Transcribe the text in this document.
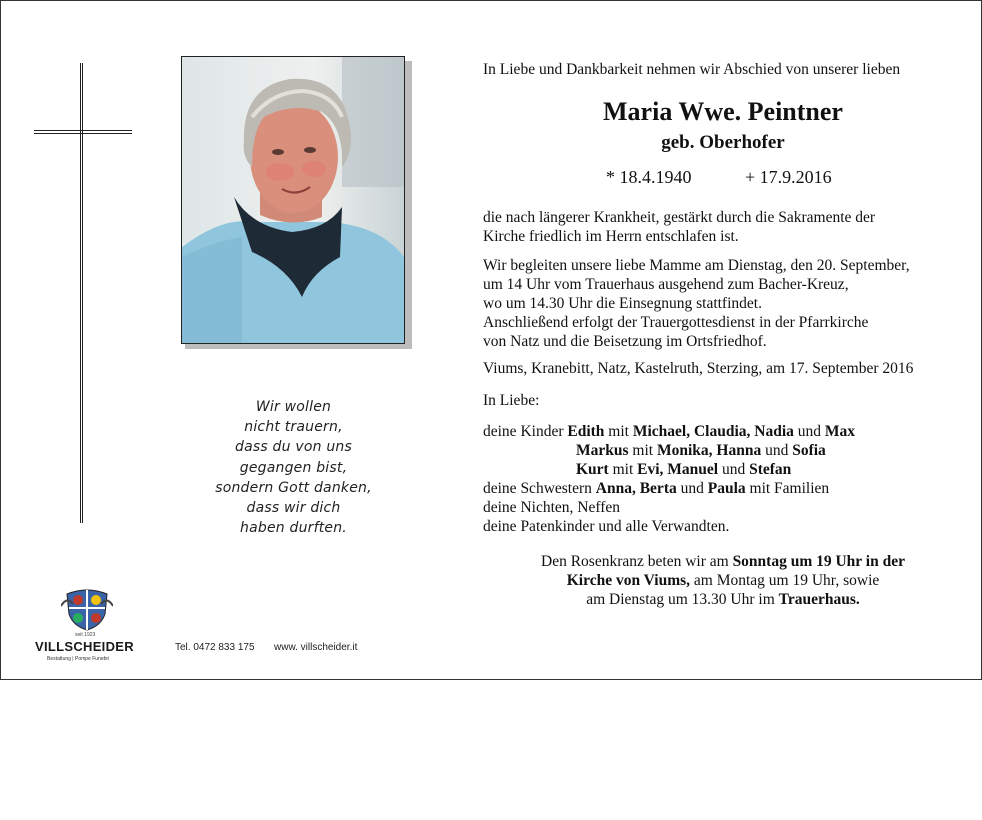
Wir wollen
nicht trauern,
dass du von uns
gegangen bist,
sondern Gott danken,
dass wir dich
haben durften.
In Liebe und Dankbarkeit nehmen wir Abschied von unserer lieben
Maria Wwe. Peintner
geb. Oberhofer
* 18.4.1940	+ 17.9.2016
die nach längerer Krankheit, gestärkt durch die Sakramente der
Kirche friedlich im Herrn entschlafen ist.
Wir begleiten unsere liebe Mamme am Dienstag, den 20. September,
um 14 Uhr vom Trauerhaus ausgehend zum Bacher-Kreuz,
wo um 14.30 Uhr die Einsegnung stattfindet.
Anschließend erfolgt der Trauergottesdienst in der Pfarrkirche
von Natz und die Beisetzung im Ortsfriedhof.
Viums, Kranebitt, Natz, Kastelruth, Sterzing, am 17. September 2016
In Liebe:
deine Kinder Edith mit Michael, Claudia, Nadia und Max
Markus mit Monika, Hanna und Sofia
Kurt mit Evi, Manuel und Stefan
deine Schwestern Anna, Berta und Paula mit Familien
deine Nichten, Neffen
deine Patenkinder und alle Verwandten.
Den Rosenkranz beten wir am Sonntag um 19 Uhr in der
Kirche von Viums, am Montag um 19 Uhr, sowie
am Dienstag um 13.30 Uhr im Trauerhaus.
seit 1923
VILLSCHEIDER
Bestattung | Pompe Funebri
Tel. 0472 833 175 www. villscheider.it
